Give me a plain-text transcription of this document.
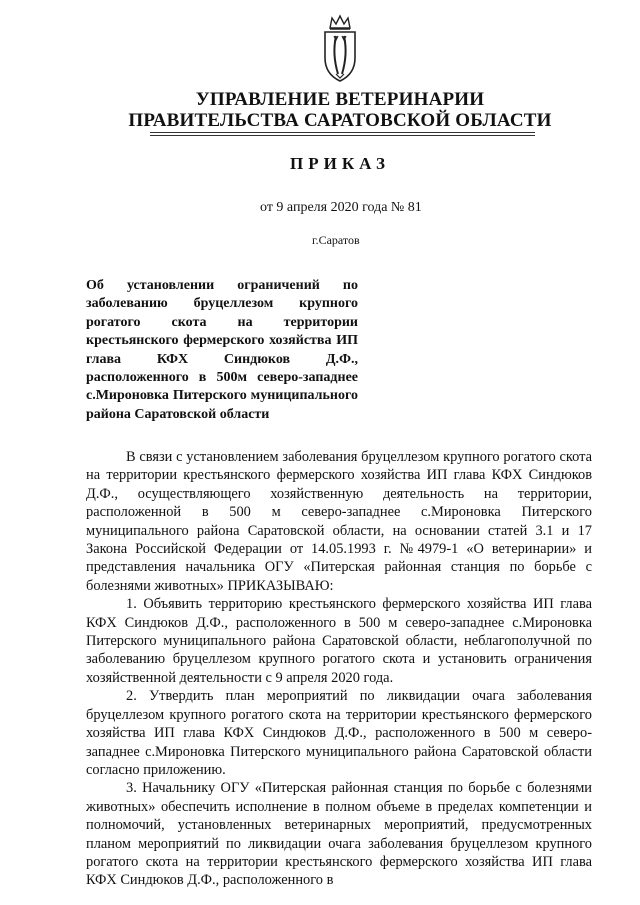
УПРАВЛЕНИЕ ВЕТЕРИНАРИИ
ПРАВИТЕЛЬСТВА САРАТОВСКОЙ ОБЛАСТИ
ПРИКАЗ
от 9 апреля 2020 года № 81
г.Саратов
Об установлении ограничений по заболеванию бруцеллезом крупного рогатого скота на территории крестьянского фермерского хозяйства ИП глава КФХ Синдюков Д.Ф., расположенного в 500м северо-западнее с.Мироновка Питерского муниципального района Саратовской области

В связи с установлением заболевания бруцеллезом крупного рогатого скота на территории крестьянского фермерского хозяйства ИП глава КФХ Синдюков Д.Ф., осуществляющего хозяйственную деятельность на территории, расположенной в 500 м северо-западнее с.Мироновка Питерского муниципального района Саратовской области, на основании статей 3.1 и 17 Закона Российской Федерации от 14.05.1993 г. №4979-1 «О ветеринарии» и представления начальника ОГУ «Питерская районная станция по борьбе с болезнями животных» ПРИКАЗЫВАЮ:

1. Объявить территорию крестьянского фермерского хозяйства ИП глава КФХ Синдюков Д.Ф., расположенного в 500 м северо-западнее с.Мироновка Питерского муниципального района Саратовской области, неблагополучной по заболеванию бруцеллезом крупного рогатого скота и установить ограничения хозяйственной деятельности с 9 апреля 2020 года.

2. Утвердить план мероприятий по ликвидации очага заболевания бруцеллезом крупного рогатого скота на территории крестьянского фермерского хозяйства ИП глава КФХ Синдюков Д.Ф., расположенного в 500 м северо-западнее с.Мироновка Питерского муниципального района Саратовской области согласно приложению.

3. Начальнику ОГУ «Питерская районная станция по борьбе с болезнями животных» обеспечить исполнение в полном объеме в пределах компетенции и полномочий, установленных ветеринарных мероприятий, предусмотренных планом мероприятий по ликвидации очага заболевания бруцеллезом крупного рогатого скота на территории крестьянского фермерского хозяйства ИП глава КФХ Синдюков Д.Ф., расположенного в
